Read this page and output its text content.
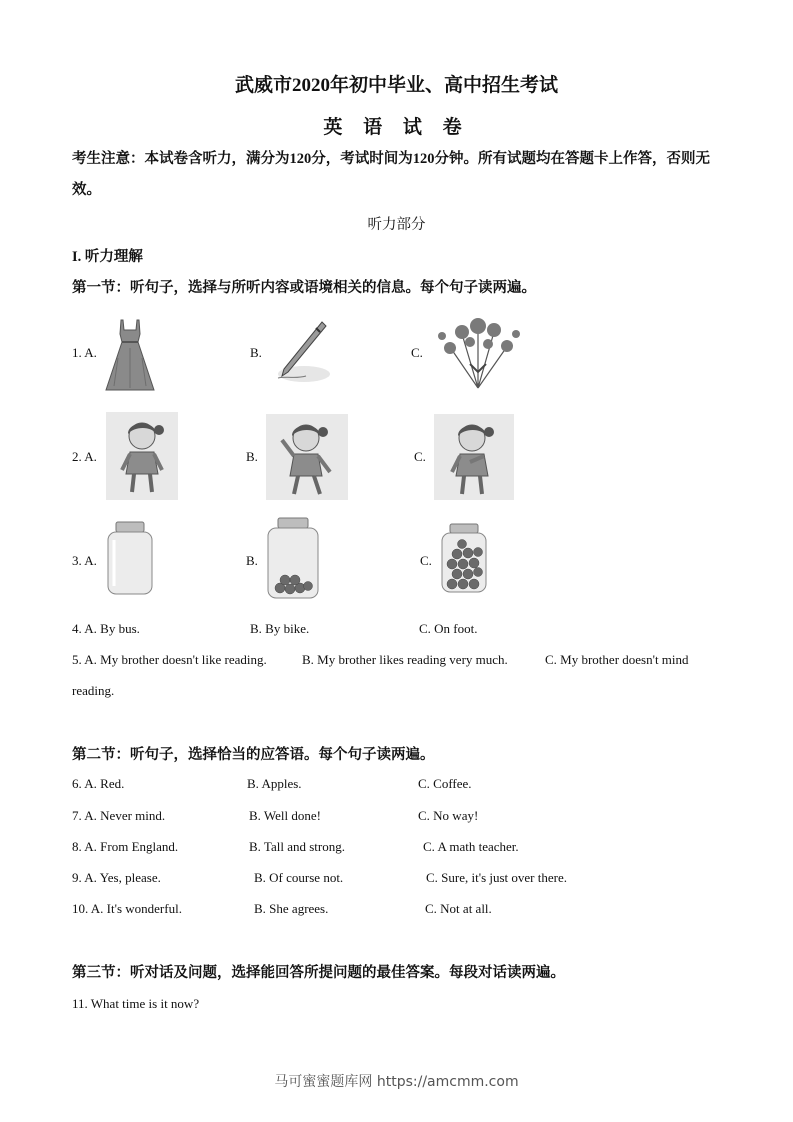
武威市2020年初中毕业、高中招生考试
英 语 试 卷
考生注意：本试卷含听力，满分为120分，考试时间为120分钟。所有试题均在答题卡上作答，否则无效。
听力部分
I. 听力理解
第一节：听句子，选择与所听内容或语境相关的信息。每个句子读两遍。
1. A.	B.	C.
2. A.	B.	C.
3. A.	B.	C.
4. A. By bus.	B. By bike.	C. On foot.
5. A. My brother doesn't like reading.	B. My brother likes reading very much.	C. My brother doesn't mind
reading.
第二节：听句子，选择恰当的应答语。每个句子读两遍。
6. A. Red.	B. Apples.	C. Coffee.
7. A. Never mind.	B. Well done!	C. No way!
8. A. From England.	B. Tall and strong.	C. A math teacher.
9. A. Yes, please.	B. Of course not.	C. Sure, it's just over there.
10. A. It's wonderful.	B. She agrees.	C. Not at all.
第三节：听对话及问题，选择能回答所提问题的最佳答案。每段对话读两遍。
11. What time is it now?
马可蜜蜜题库网 https://amcmm.com
